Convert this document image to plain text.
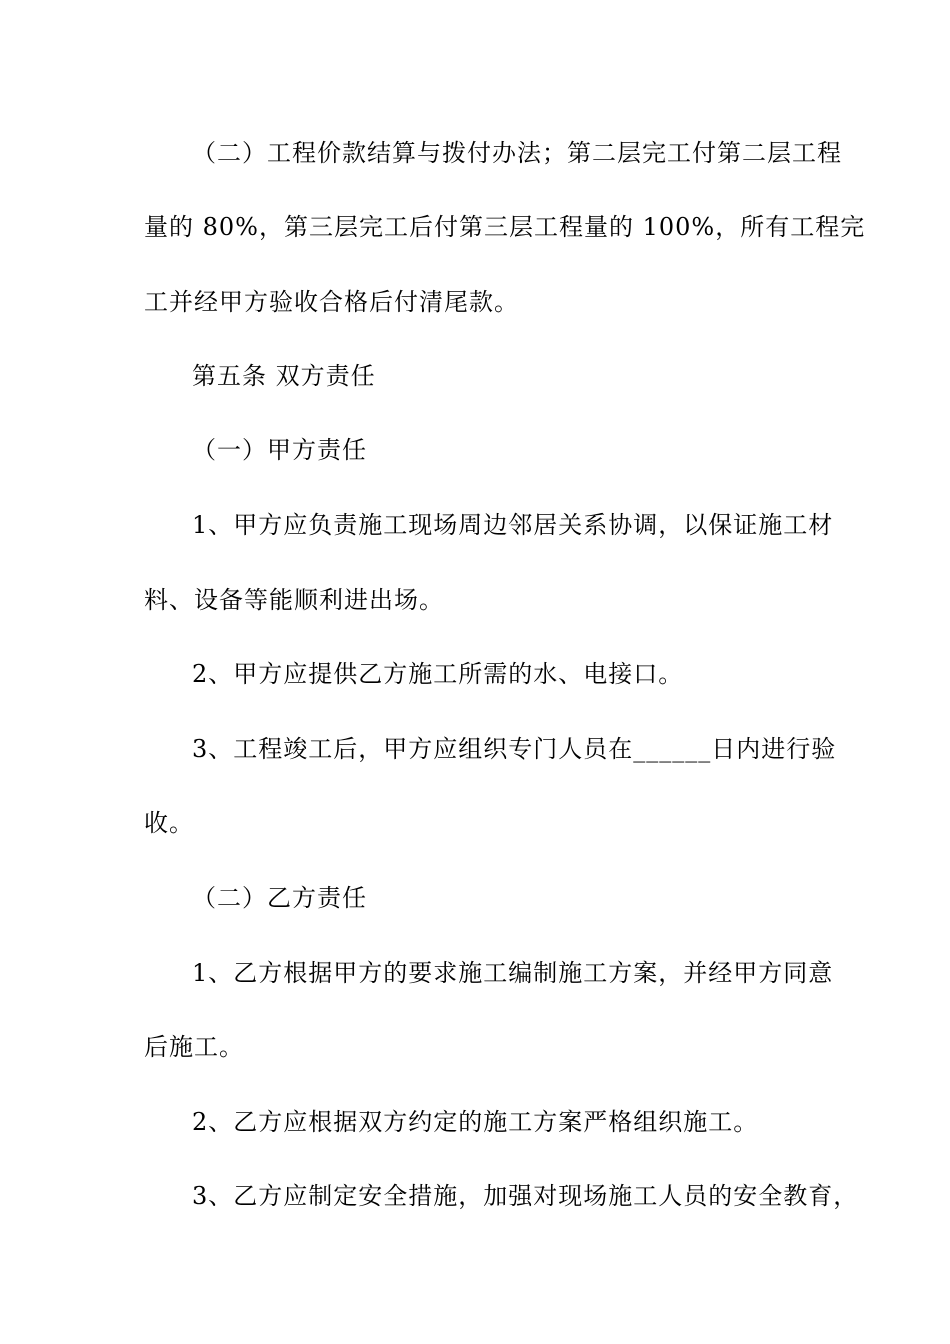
（二）工程价款结算与拨付办法；第二层完工付第二层工程
量的 80%，第三层完工后付第三层工程量的 100%，所有工程完
工并经甲方验收合格后付清尾款。
第五条 双方责任
（一）甲方责任
1、甲方应负责施工现场周边邻居关系协调，以保证施工材
料、设备等能顺利进出场。
2、甲方应提供乙方施工所需的水、电接口。
3、工程竣工后，甲方应组织专门人员在______日内进行验
收。
（二）乙方责任
1、乙方根据甲方的要求施工编制施工方案，并经甲方同意
后施工。
2、乙方应根据双方约定的施工方案严格组织施工。
3、乙方应制定安全措施，加强对现场施工人员的安全教育，
